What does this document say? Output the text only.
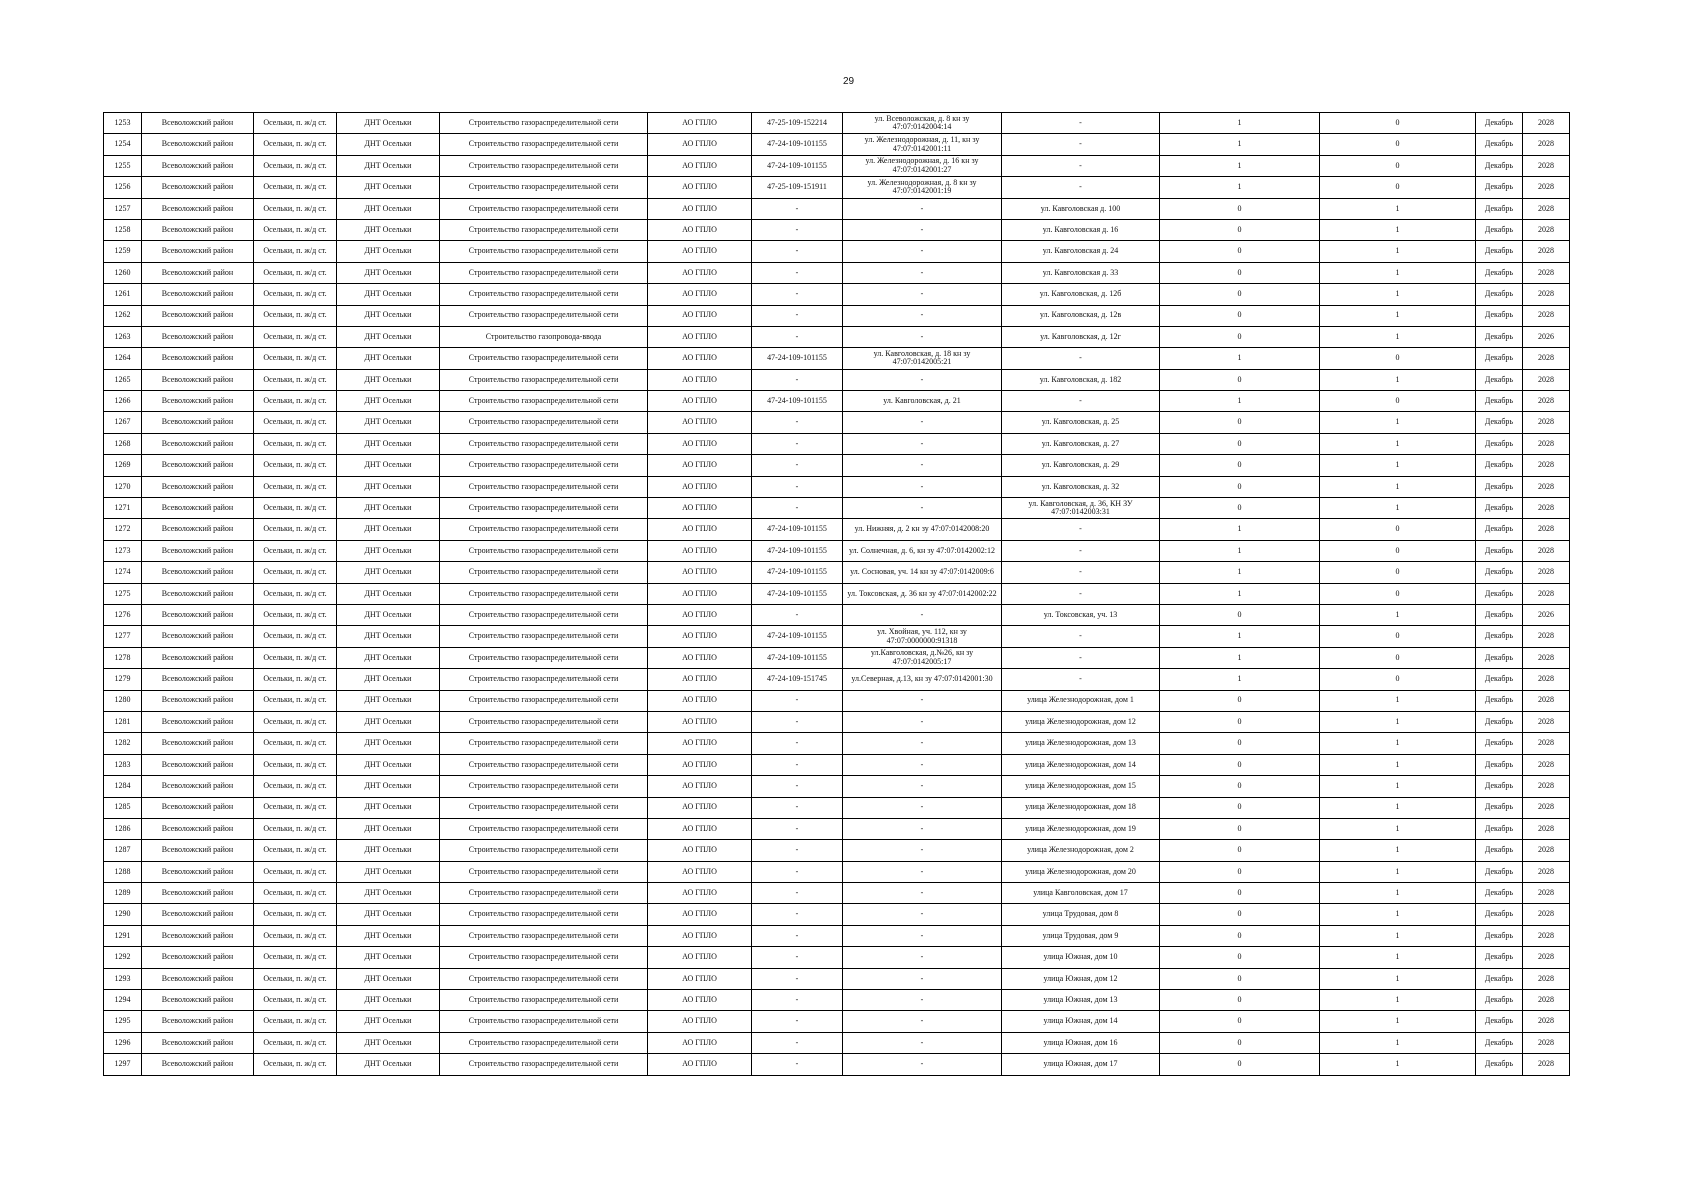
29
1253	Всеволожский район	Осельки, п. ж/д ст.	ДНТ Осельки	Строительство газораспределительной сети	АО ГПЛО	47-25-109-152214	ул. Всеволожская, д. 8 кн зу 47:07:0142004:14	-	1	0	Декабрь	2028
1254	Всеволожский район	Осельки, п. ж/д ст.	ДНТ Осельки	Строительство газораспределительной сети	АО ГПЛО	47-24-109-101155	ул. Железнодорожная, д. 11, кн зу 47:07:0142001:11	-	1	0	Декабрь	2028
1255	Всеволожский район	Осельки, п. ж/д ст.	ДНТ Осельки	Строительство газораспределительной сети	АО ГПЛО	47-24-109-101155	ул. Железнодорожная, д. 16 кн зу 47:07:0142001:27	-	1	0	Декабрь	2028
1256	Всеволожский район	Осельки, п. ж/д ст.	ДНТ Осельки	Строительство газораспределительной сети	АО ГПЛО	47-25-109-151911	ул. Железнодорожная, д. 8 кн зу 47:07:0142001:19	-	1	0	Декабрь	2028
1257	Всеволожский район	Осельки, п. ж/д ст.	ДНТ Осельки	Строительство газораспределительной сети	АО ГПЛО	-	-	ул. Кавголовская д. 100	0	1	Декабрь	2028
1258	Всеволожский район	Осельки, п. ж/д ст.	ДНТ Осельки	Строительство газораспределительной сети	АО ГПЛО	-	-	ул. Кавголовская д. 16	0	1	Декабрь	2028
1259	Всеволожский район	Осельки, п. ж/д ст.	ДНТ Осельки	Строительство газораспределительной сети	АО ГПЛО	-	-	ул. Кавголовская д. 24	0	1	Декабрь	2028
1260	Всеволожский район	Осельки, п. ж/д ст.	ДНТ Осельки	Строительство газораспределительной сети	АО ГПЛО	-	-	ул. Кавголовская д. 33	0	1	Декабрь	2028
1261	Всеволожский район	Осельки, п. ж/д ст.	ДНТ Осельки	Строительство газораспределительной сети	АО ГПЛО	-	-	ул. Кавголовская, д. 12б	0	1	Декабрь	2028
1262	Всеволожский район	Осельки, п. ж/д ст.	ДНТ Осельки	Строительство газораспределительной сети	АО ГПЛО	-	-	ул. Кавголовская, д. 12в	0	1	Декабрь	2028
1263	Всеволожский район	Осельки, п. ж/д ст.	ДНТ Осельки	Строительство газопровода-ввода	АО ГПЛО	-	-	ул. Кавголовская, д. 12г	0	1	Декабрь	2026
1264	Всеволожский район	Осельки, п. ж/д ст.	ДНТ Осельки	Строительство газораспределительной сети	АО ГПЛО	47-24-109-101155	ул. Кавголовская, д. 18 кн зу 47:07:0142005:21	-	1	0	Декабрь	2028
1265	Всеволожский район	Осельки, п. ж/д ст.	ДНТ Осельки	Строительство газораспределительной сети	АО ГПЛО	-	-	ул. Кавголовская, д. 182	0	1	Декабрь	2028
1266	Всеволожский район	Осельки, п. ж/д ст.	ДНТ Осельки	Строительство газораспределительной сети	АО ГПЛО	47-24-109-101155	ул. Кавголовская, д. 21	-	1	0	Декабрь	2028
1267	Всеволожский район	Осельки, п. ж/д ст.	ДНТ Осельки	Строительство газораспределительной сети	АО ГПЛО	-	-	ул. Кавголовская, д. 25	0	1	Декабрь	2028
1268	Всеволожский район	Осельки, п. ж/д ст.	ДНТ Осельки	Строительство газораспределительной сети	АО ГПЛО	-	-	ул. Кавголовская, д. 27	0	1	Декабрь	2028
1269	Всеволожский район	Осельки, п. ж/д ст.	ДНТ Осельки	Строительство газораспределительной сети	АО ГПЛО	-	-	ул. Кавголовская, д. 29	0	1	Декабрь	2028
1270	Всеволожский район	Осельки, п. ж/д ст.	ДНТ Осельки	Строительство газораспределительной сети	АО ГПЛО	-	-	ул. Кавголовская, д. 32	0	1	Декабрь	2028
1271	Всеволожский район	Осельки, п. ж/д ст.	ДНТ Осельки	Строительство газораспределительной сети	АО ГПЛО	-	-	ул. Кавголовская, д. 36, КН ЗУ 47:07:0142003:31	0	1	Декабрь	2028
1272	Всеволожский район	Осельки, п. ж/д ст.	ДНТ Осельки	Строительство газораспределительной сети	АО ГПЛО	47-24-109-101155	ул. Нижняя, д. 2 кн зу 47:07:0142008:20	-	1	0	Декабрь	2028
1273	Всеволожский район	Осельки, п. ж/д ст.	ДНТ Осельки	Строительство газораспределительной сети	АО ГПЛО	47-24-109-101155	ул. Солнечная, д. 6, кн зу 47:07:0142002:12	-	1	0	Декабрь	2028
1274	Всеволожский район	Осельки, п. ж/д ст.	ДНТ Осельки	Строительство газораспределительной сети	АО ГПЛО	47-24-109-101155	ул. Сосновая, уч. 14 кн зу 47:07:0142009:6	-	1	0	Декабрь	2028
1275	Всеволожский район	Осельки, п. ж/д ст.	ДНТ Осельки	Строительство газораспределительной сети	АО ГПЛО	47-24-109-101155	ул. Токсовская, д. 36 кн зу 47:07:0142002:22	-	1	0	Декабрь	2028
1276	Всеволожский район	Осельки, п. ж/д ст.	ДНТ Осельки	Строительство газораспределительной сети	АО ГПЛО	-	-	ул. Токсовская, уч. 13	0	1	Декабрь	2026
1277	Всеволожский район	Осельки, п. ж/д ст.	ДНТ Осельки	Строительство газораспределительной сети	АО ГПЛО	47-24-109-101155	ул. Хвойная, уч. 112, кн зу 47:07:0000000:91318	-	1	0	Декабрь	2028
1278	Всеволожский район	Осельки, п. ж/д ст.	ДНТ Осельки	Строительство газораспределительной сети	АО ГПЛО	47-24-109-101155	ул.Кавголовская, д.№26, кн зу 47:07:0142005:17	-	1	0	Декабрь	2028
1279	Всеволожский район	Осельки, п. ж/д ст.	ДНТ Осельки	Строительство газораспределительной сети	АО ГПЛО	47-24-109-151745	ул.Северная, д.13, кн зу 47:07:0142001:30	-	1	0	Декабрь	2028
1280	Всеволожский район	Осельки, п. ж/д ст.	ДНТ Осельки	Строительство газораспределительной сети	АО ГПЛО	-	-	улица Железнодорожная, дом 1	0	1	Декабрь	2028
1281	Всеволожский район	Осельки, п. ж/д ст.	ДНТ Осельки	Строительство газораспределительной сети	АО ГПЛО	-	-	улица Железнодорожная, дом 12	0	1	Декабрь	2028
1282	Всеволожский район	Осельки, п. ж/д ст.	ДНТ Осельки	Строительство газораспределительной сети	АО ГПЛО	-	-	улица Железнодорожная, дом 13	0	1	Декабрь	2028
1283	Всеволожский район	Осельки, п. ж/д ст.	ДНТ Осельки	Строительство газораспределительной сети	АО ГПЛО	-	-	улица Железнодорожная, дом 14	0	1	Декабрь	2028
1284	Всеволожский район	Осельки, п. ж/д ст.	ДНТ Осельки	Строительство газораспределительной сети	АО ГПЛО	-	-	улица Железнодорожная, дом 15	0	1	Декабрь	2028
1285	Всеволожский район	Осельки, п. ж/д ст.	ДНТ Осельки	Строительство газораспределительной сети	АО ГПЛО	-	-	улица Железнодорожная, дом 18	0	1	Декабрь	2028
1286	Всеволожский район	Осельки, п. ж/д ст.	ДНТ Осельки	Строительство газораспределительной сети	АО ГПЛО	-	-	улица Железнодорожная, дом 19	0	1	Декабрь	2028
1287	Всеволожский район	Осельки, п. ж/д ст.	ДНТ Осельки	Строительство газораспределительной сети	АО ГПЛО	-	-	улица Железнодорожная, дом 2	0	1	Декабрь	2028
1288	Всеволожский район	Осельки, п. ж/д ст.	ДНТ Осельки	Строительство газораспределительной сети	АО ГПЛО	-	-	улица Железнодорожная, дом 20	0	1	Декабрь	2028
1289	Всеволожский район	Осельки, п. ж/д ст.	ДНТ Осельки	Строительство газораспределительной сети	АО ГПЛО	-	-	улица Кавголовская, дом 17	0	1	Декабрь	2028
1290	Всеволожский район	Осельки, п. ж/д ст.	ДНТ Осельки	Строительство газораспределительной сети	АО ГПЛО	-	-	улица Трудовая, дом 8	0	1	Декабрь	2028
1291	Всеволожский район	Осельки, п. ж/д ст.	ДНТ Осельки	Строительство газораспределительной сети	АО ГПЛО	-	-	улица Трудовая, дом 9	0	1	Декабрь	2028
1292	Всеволожский район	Осельки, п. ж/д ст.	ДНТ Осельки	Строительство газораспределительной сети	АО ГПЛО	-	-	улица Южная, дом 10	0	1	Декабрь	2028
1293	Всеволожский район	Осельки, п. ж/д ст.	ДНТ Осельки	Строительство газораспределительной сети	АО ГПЛО	-	-	улица Южная, дом 12	0	1	Декабрь	2028
1294	Всеволожский район	Осельки, п. ж/д ст.	ДНТ Осельки	Строительство газораспределительной сети	АО ГПЛО	-	-	улица Южная, дом 13	0	1	Декабрь	2028
1295	Всеволожский район	Осельки, п. ж/д ст.	ДНТ Осельки	Строительство газораспределительной сети	АО ГПЛО	-	-	улица Южная, дом 14	0	1	Декабрь	2028
1296	Всеволожский район	Осельки, п. ж/д ст.	ДНТ Осельки	Строительство газораспределительной сети	АО ГПЛО	-	-	улица Южная, дом 16	0	1	Декабрь	2028
1297	Всеволожский район	Осельки, п. ж/д ст.	ДНТ Осельки	Строительство газораспределительной сети	АО ГПЛО	-	-	улица Южная, дом 17	0	1	Декабрь	2028
